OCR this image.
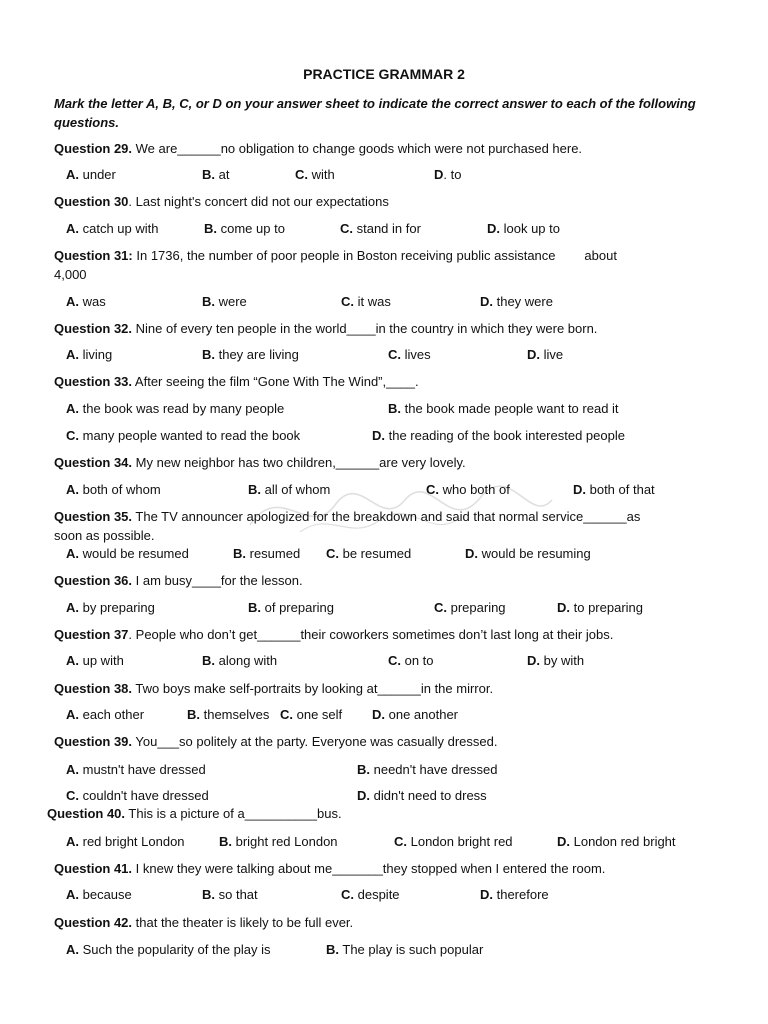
PRACTICE GRAMMAR 2
Mark the letter A, B, C, or D on your answer sheet to indicate the correct answer to each of the following questions.
Question 29. We are______no obligation to change goods which were not purchased here.
A. under	B. at	C. with	D. to
Question 30. Last night's concert did not our expectations
A. catch up with	B. come up to	C. stand in for	D. look up to
Question 31: In 1736, the number of poor people in Boston receiving public assistance        about
4,000
A. was	B. were	C. it was	D. they were
Question 32. Nine of every ten people in the world____in the country in which they were born.
A. living	B. they are living	C. lives	D. live
Question 33. After seeing the film “Gone With The Wind”,____.
A. the book was read by many people	B. the book made people want to read it
C. many people wanted to read the book	D. the reading of the book interested people
Question 34. My new neighbor has two children,______are very lovely.
A. both of whom	B. all of whom	C. who both of	D. both of that
Question 35. The TV announcer apologized for the breakdown and said that normal service______as
soon as possible.
A. would be resumed	B. resumed C. be resumed	D. would be resuming
Question 36. I am busy____for the lesson.
A. by preparing	B. of preparing	C. preparing	D. to preparing
Question 37. People who don’t get______their coworkers sometimes don’t last long at their jobs.
A. up with	B. along with	C. on to	D. by with
Question 38. Two boys make self-portraits by looking at______in the mirror.
A. each other	B. themselves C. one self D. one another
Question 39. You___so politely at the party. Everyone was casually dressed.
A. mustn't have dressed	B. needn't have dressed
C. couldn't have dressed	D. didn't need to dress
Question 40. This is a picture of a__________bus.
A. red bright London	B. bright red London	C. London bright red	D. London red bright
Question 41. I knew they were talking about me_______they stopped when I entered the room.
A. because	B. so that	C. despite	D. therefore
Question 42. that the theater is likely to be full ever.
A. Such the popularity of the play is	B. The play is such popular
